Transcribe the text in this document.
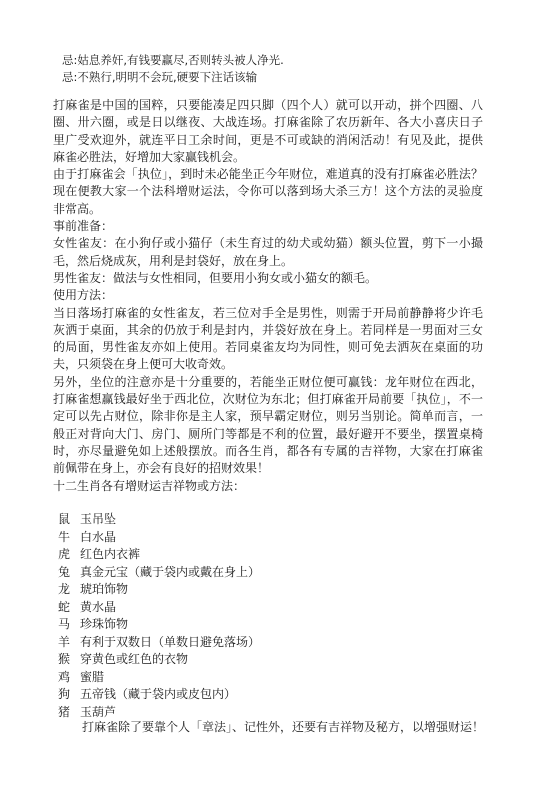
忌:姑息养奸,有钱要赢尽,否则转头被人净光.
忌:不熟行,明明不会玩,硬要下注话该输

打麻雀是中国的国粹，只要能凑足四只脚（四个人）就可以开动，拼个四圈、八圈、卅六圈，或是日以继夜、大战连场。打麻雀除了农历新年、各大小喜庆日子里广受欢迎外，就连平日工余时间，更是不可或缺的消闲活动！有见及此，提供麻雀必胜法，好增加大家赢钱机会。

由于打麻雀会「执位」，到时未必能坐正今年财位，难道真的没有打麻雀必胜法？现在便教大家一个法科增财运法，令你可以落到场大杀三方！这个方法的灵验度非常高。

事前准备：

女性雀友：在小狗仔或小猫仔（未生育过的幼犬或幼猫）额头位置，剪下一小撮毛，然后烧成灰，用利是封袋好，放在身上。

男性雀友：做法与女性相同，但要用小狗女或小猫女的额毛。

使用方法：

当日落场打麻雀的女性雀友，若三位对手全是男性，则需于开局前静静将少许毛灰洒于桌面，其余的仍放于利是封内，并袋好放在身上。若同样是一男面对三女的局面，男性雀友亦如上使用。若同桌雀友均为同性，则可免去洒灰在桌面的功夫，只须袋在身上便可大收奇效。

另外，坐位的注意亦是十分重要的，若能坐正财位便可赢钱：龙年财位在西北，打麻雀想赢钱最好坐于西北位，次财位为东北；但打麻雀开局前要「执位」，不一定可以先占财位，除非你是主人家，预早霸定财位，则另当别论。简单而言，一般正对背向大门、房门、厕所门等都是不利的位置，最好避开不要坐，摆置桌椅时，亦尽量避免如上述般摆放。而各生肖，都各有专属的吉祥物，大家在打麻雀前佩带在身上，亦会有良好的招财效果！

十二生肖各有增财运吉祥物或方法：

鼠 玉吊坠
牛 白水晶
虎 红色内衣裤
兔 真金元宝（藏于袋内或戴在身上）
龙 琥珀饰物
蛇 黄水晶
马 珍珠饰物
羊 有利于双数日（单数日避免落场）
猴 穿黄色或红色的衣物
鸡 蜜腊
狗 五帝钱（藏于袋内或皮包内）
猪 玉葫芦
打麻雀除了要靠个人「章法」、记性外，还要有吉祥物及秘方，以增强财运！
